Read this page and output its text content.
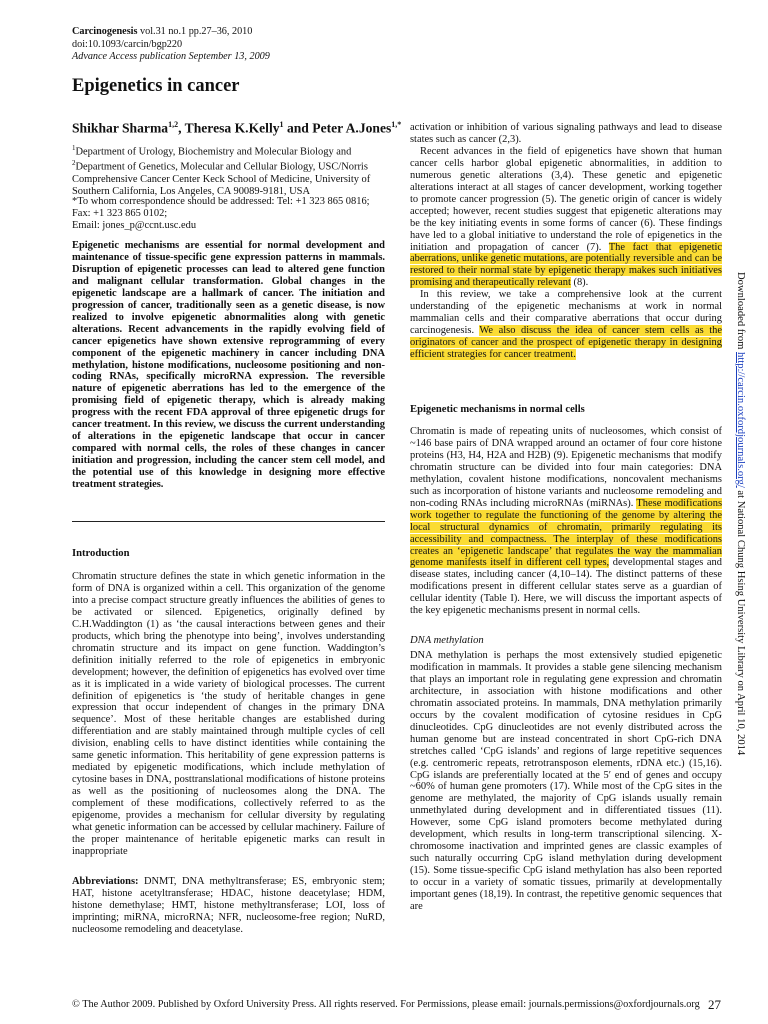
Carcinogenesis vol.31 no.1 pp.27–36, 2010
doi:10.1093/carcin/bgp220
Advance Access publication September 13, 2009
Epigenetics in cancer
Shikhar Sharma$^{1,2}$, Theresa K.Kelly$^1$ and Peter A.Jones$^{1,*}$

$^1$Department of Urology, Biochemistry and Molecular Biology and

$^2$Department of Genetics, Molecular and Cellular Biology, USC/Norris Comprehensive Cancer Center Keck School of Medicine, University of Southern California, Los Angeles, CA 90089-9181, USA

*To whom correspondence should be addressed: Tel: +1 323 865 0816;
Fax: +1 323 865 0102;
Email: jones_p@ccnt.usc.edu
Epigenetic mechanisms are essential for normal development and maintenance of tissue-specific gene expression patterns in mammals. Disruption of epigenetic processes can lead to altered gene function and malignant cellular transformation. Global changes in the epigenetic landscape are a hallmark of cancer. The initiation and progression of cancer, traditionally seen as a genetic disease, is now realized to involve epigenetic abnormalities along with genetic alterations. Recent advancements in the rapidly evolving field of cancer epigenetics have shown extensive reprogramming of every component of the epigenetic machinery in cancer including DNA methylation, histone modifications, nucleosome positioning and non-coding RNAs, specifically microRNA expression. The reversible nature of epigenetic aberrations has led to the emergence of the promising field of epigenetic therapy, which is already making progress with the recent FDA approval of three epigenetic drugs for cancer treatment. In this review, we discuss the current understanding of alterations in the epigenetic landscape that occur in cancer compared with normal cells, the roles of these changes in cancer initiation and progression, including the cancer stem cell model, and the potential use of this knowledge in designing more effective treatment strategies.
Introduction
Chromatin structure defines the state in which genetic information in the form of DNA is organized within a cell. This organization of the genome into a precise compact structure greatly influences the abilities of genes to be activated or silenced. Epigenetics, originally defined by C.H.Waddington (1) as ‘the causal interactions between genes and their products, which bring the phenotype into being’, involves understanding chromatin structure and its impact on gene function. Waddington’s definition initially referred to the role of epigenetics in embryonic development; however, the definition of epigenetics has evolved over time as it is implicated in a wide variety of biological processes. The current definition of epigenetics is ‘the study of heritable changes in gene expression that occur independent of changes in the primary DNA sequence’. Most of these heritable changes are established during differentiation and are stably maintained through multiple cycles of cell division, enabling cells to have distinct identities while containing the same genetic information. This heritability of gene expression patterns is mediated by epigenetic modifications, which include methylation of cytosine bases in DNA, posttranslational modifications of histone proteins as well as the positioning of nucleosomes along the DNA. The complement of these modifications, collectively referred to as the epigenome, provides a mechanism for cellular diversity by regulating what genetic information can be accessed by cellular machinery. Failure of the proper maintenance of heritable epigenetic marks can result in inappropriate
Abbreviations: DNMT, DNA methyltransferase; ES, embryonic stem; HAT, histone acetyltransferase; HDAC, histone deacetylase; HDM, histone demethylase; HMT, histone methyltransferase; LOI, loss of imprinting; miRNA, microRNA; NFR, nucleosome-free region; NuRD, nucleosome remodeling and deacetylase.

activation or inhibition of various signaling pathways and lead to disease states such as cancer (2,3).

Recent advances in the field of epigenetics have shown that human cancer cells harbor global epigenetic abnormalities, in addition to numerous genetic alterations (3,4). These genetic and epigenetic alterations interact at all stages of cancer development, working together to promote cancer progression (5). The genetic origin of cancer is widely accepted; however, recent studies suggest that epigenetic alterations may be the key initiating events in some forms of cancer (6). These findings have led to a global initiative to understand the role of epigenetics in the initiation and propagation of cancer (7). The fact that epigenetic aberrations, unlike genetic mutations, are potentially reversible and can be restored to their normal state by epigenetic therapy makes such initiatives promising and therapeutically relevant (8).

In this review, we take a comprehensive look at the current understanding of the epigenetic mechanisms at work in normal mammalian cells and their comparative aberrations that occur during carcinogenesis. We also discuss the idea of cancer stem cells as the originators of cancer and the prospect of epigenetic therapy in designing efficient strategies for cancer treatment.

Epigenetic mechanisms in normal cells

Chromatin is made of repeating units of nucleosomes, which consist of ~146 base pairs of DNA wrapped around an octamer of four core histone proteins (H3, H4, H2A and H2B) (9). Epigenetic mechanisms that modify chromatin structure can be divided into four main categories: DNA methylation, covalent histone modifications, noncovalent mechanisms such as incorporation of histone variants and nucleosome remodeling and non-coding RNAs including microRNAs (miRNAs). These modifications work together to regulate the functioning of the genome by altering the local structural dynamics of chromatin, primarily regulating its accessibility and compactness. The interplay of these modifications creates an ‘epigenetic landscape’ that regulates the way the mammalian genome manifests itself in different cell types, developmental stages and disease states, including cancer (4,10–14). The distinct patterns of these modifications present in different cellular states serve as a guardian of cellular identity (Table I). Here, we will discuss the important aspects of the key epigenetic mechanisms present in normal cells.

DNA methylation
DNA methylation is perhaps the most extensively studied epigenetic modification in mammals. It provides a stable gene silencing mechanism that plays an important role in regulating gene expression and chromatin architecture, in association with histone modifications and other chromatin associated proteins. In mammals, DNA methylation primarily occurs by the covalent modification of cytosine residues in CpG dinucleotides. CpG dinucleotides are not evenly distributed across the human genome but are instead concentrated in short CpG-rich DNA stretches called ‘CpG islands’ and regions of large repetitive sequences (e.g. centromeric repeats, retrotransposon elements, rDNA etc.) (15,16). CpG islands are preferentially located at the 5′ end of genes and occupy ~60% of human gene promoters (17). While most of the CpG sites in the genome are methylated, the majority of CpG islands usually remain unmethylated during development and in differentiated tissues (11). However, some CpG island promoters become methylated during development, which results in long-term transcriptional silencing. X-chromosome inactivation and imprinted genes are classic examples of such naturally occurring CpG island methylation during development (15). Some tissue-specific CpG island methylation has also been reported to occur in a variety of somatic tissues, primarily at developmentally important genes (18,19). In contrast, the repetitive genomic sequences that are
© The Author 2009. Published by Oxford University Press. All rights reserved. For Permissions, please email: journals.permissions@oxfordjournals.org 27
Downloaded from http://carcin.oxfordjournals.org/ at National Chung Hsing University Library on April 10, 2014
